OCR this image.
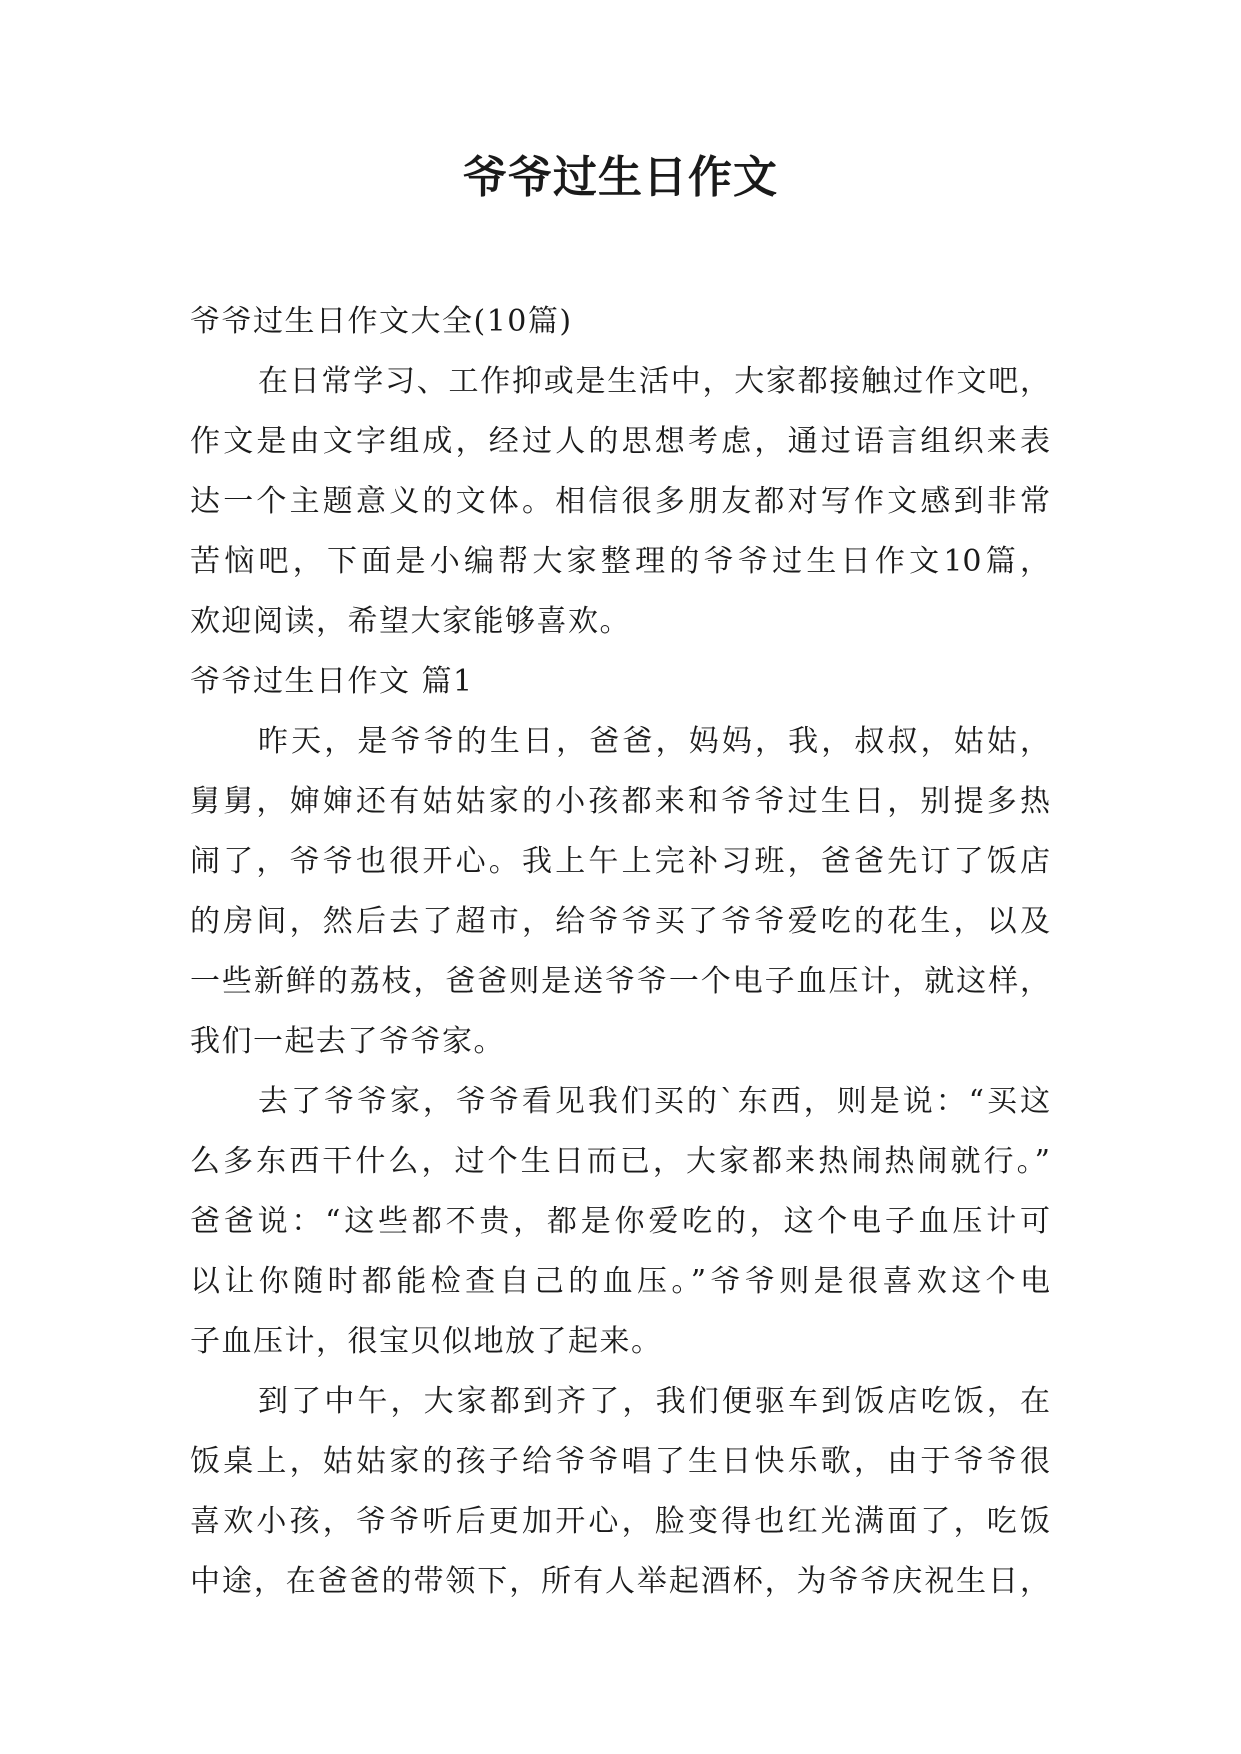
爷爷过生日作文
爷爷过生日作文大全(10篇)
在日常学习、工作抑或是生活中，大家都接触过作文吧，
作文是由文字组成，经过人的思想考虑，通过语言组织来表
达一个主题意义的文体。相信很多朋友都对写作文感到非常
苦恼吧，下面是小编帮大家整理的爷爷过生日作文10篇，
欢迎阅读，希望大家能够喜欢。
爷爷过生日作文 篇1
昨天，是爷爷的生日，爸爸，妈妈，我，叔叔，姑姑，
舅舅，婶婶还有姑姑家的小孩都来和爷爷过生日，别提多热
闹了，爷爷也很开心。我上午上完补习班，爸爸先订了饭店
的房间，然后去了超市，给爷爷买了爷爷爱吃的花生，以及
一些新鲜的荔枝，爸爸则是送爷爷一个电子血压计，就这样，
我们一起去了爷爷家。
去了爷爷家，爷爷看见我们买的`东西，则是说：“买这
么多东西干什么，过个生日而已，大家都来热闹热闹就行。”
爸爸说：“这些都不贵，都是你爱吃的，这个电子血压计可
以让你随时都能检查自己的血压。”爷爷则是很喜欢这个电
子血压计，很宝贝似地放了起来。
到了中午，大家都到齐了，我们便驱车到饭店吃饭，在
饭桌上，姑姑家的孩子给爷爷唱了生日快乐歌，由于爷爷很
喜欢小孩，爷爷听后更加开心，脸变得也红光满面了，吃饭
中途，在爸爸的带领下，所有人举起酒杯，为爷爷庆祝生日，
